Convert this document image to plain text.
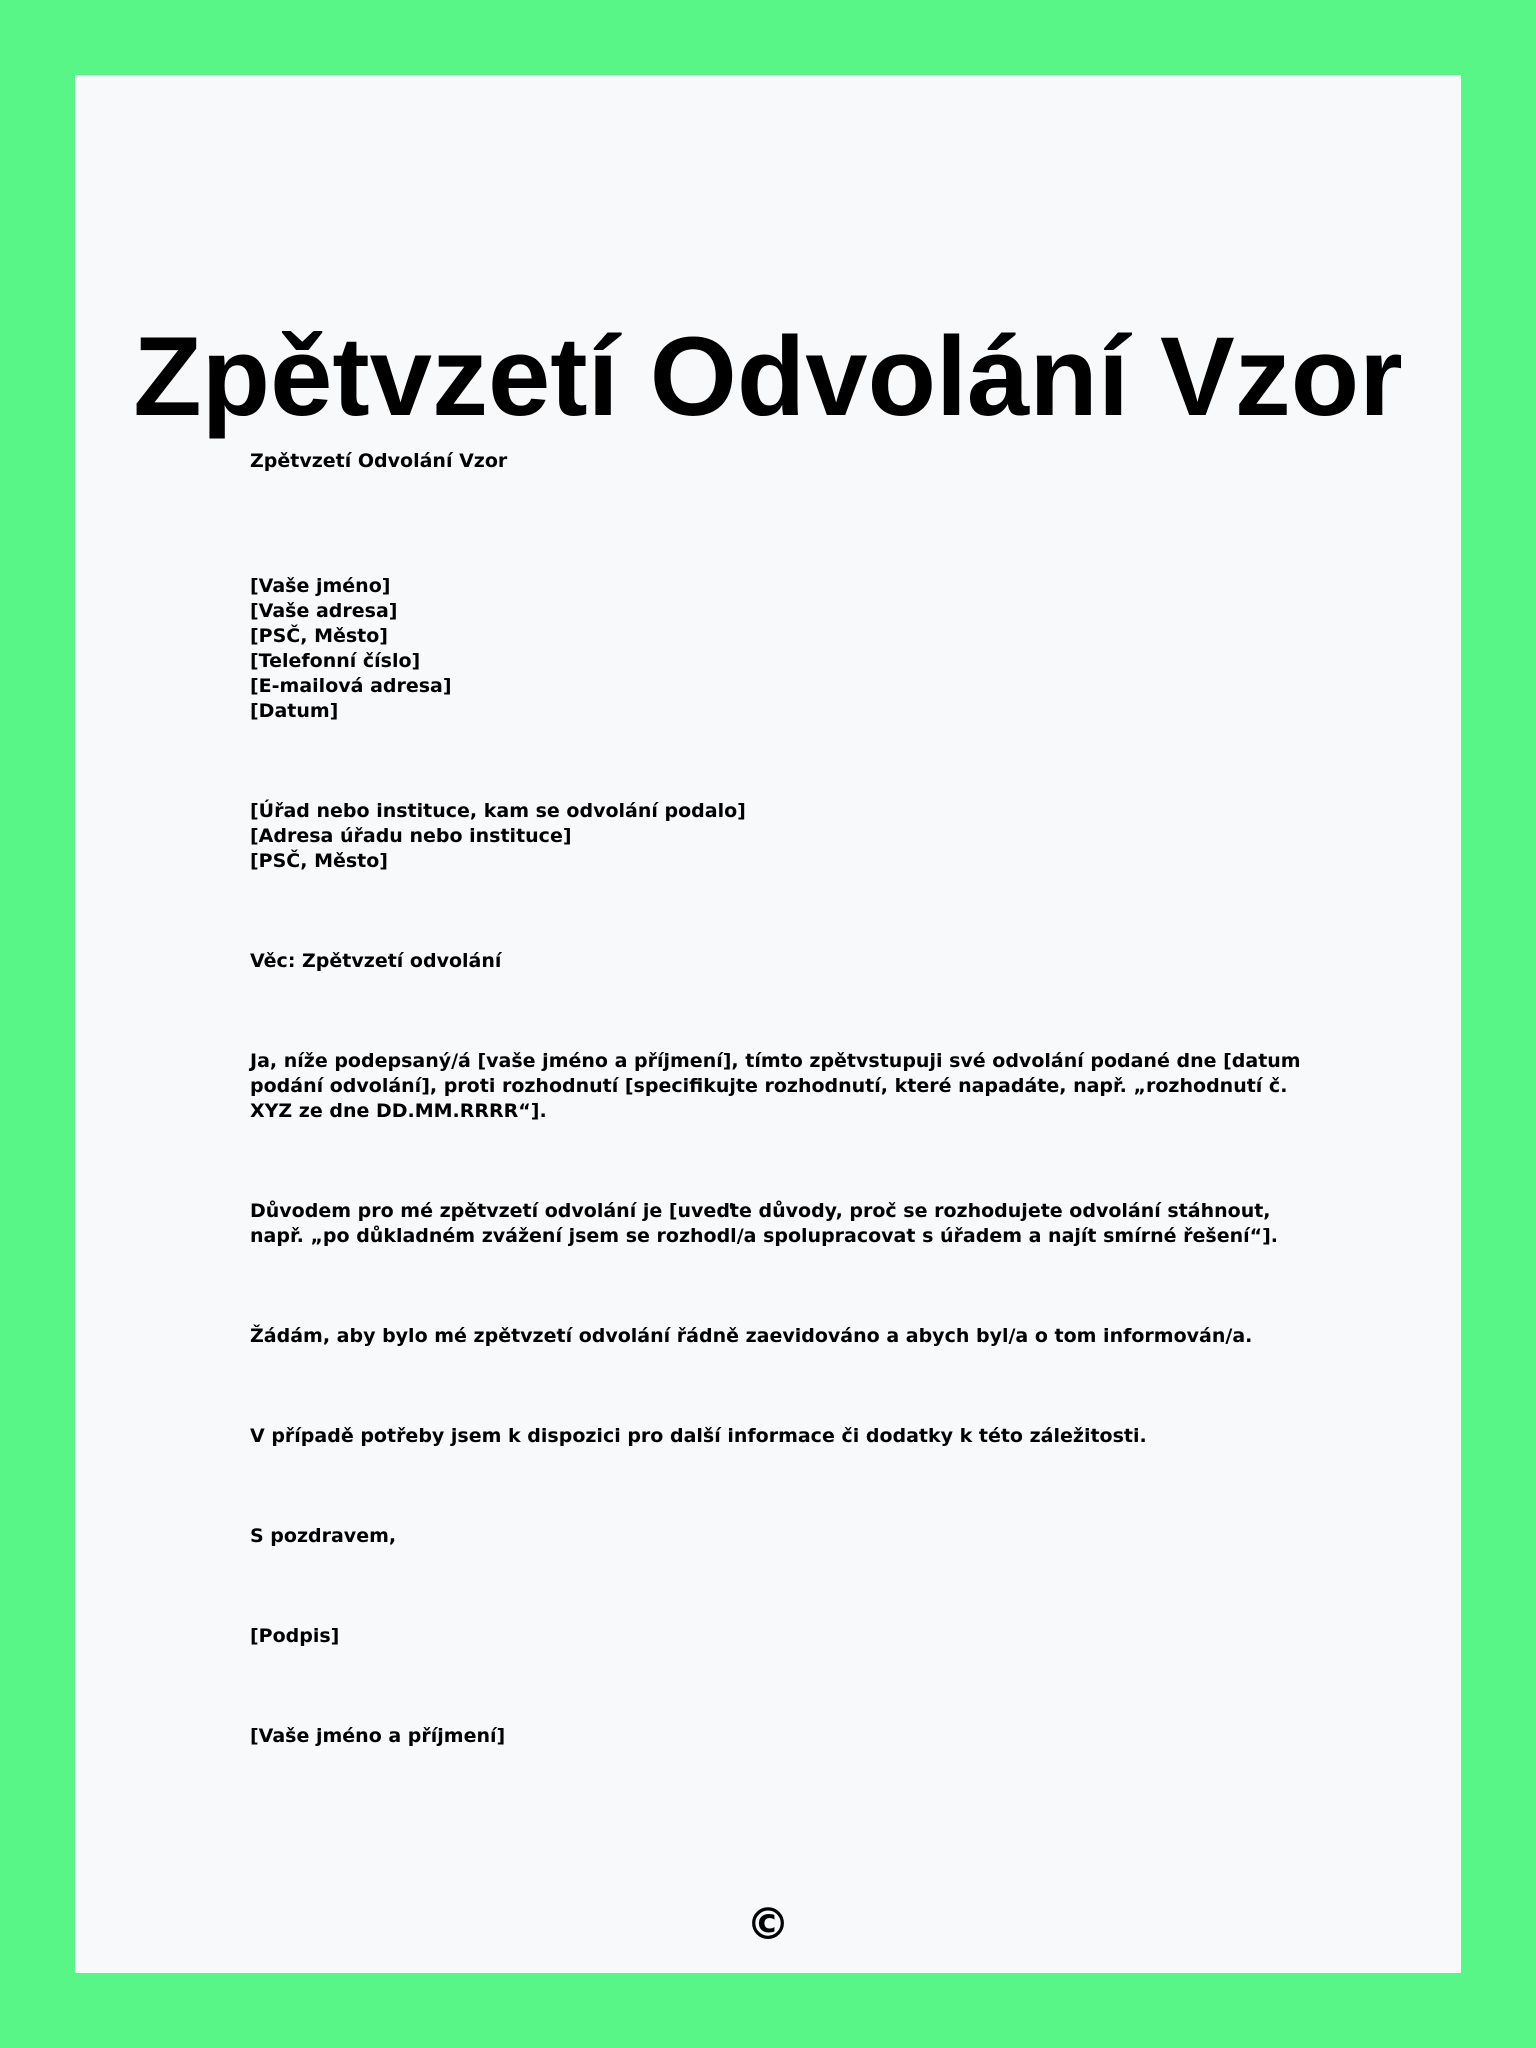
Zpětvzetí Odvolání Vzor

Zpětvzetí Odvolání Vzor

[Vaše jméno]
[Vaše adresa]
[PSČ, Město]
[Telefonní číslo]
[E-mailová adresa]
[Datum]
[Úřad nebo instituce, kam se odvolání podalo]
[Adresa úřadu nebo instituce]
[PSČ, Město]

Věc: Zpětvzetí odvolání

Ja, níže podepsaný/á [vaše jméno a příjmení], tímto zpětvstupuji své odvolání podané dne [datum podání odvolání], proti rozhodnutí [specifikujte rozhodnutí, které napadáte, např. „rozhodnutí č. XYZ ze dne DD.MM.RRRR“].

Důvodem pro mé zpětvzetí odvolání je [uveďte důvody, proč se rozhodujete odvolání stáhnout, např. „po důkladném zvážení jsem se rozhodl/a spolupracovat s úřadem a najít smírné řešení“].

Žádám, aby bylo mé zpětvzetí odvolání řádně zaevidováno a abych byl/a o tom informován/a.

V případě potřeby jsem k dispozici pro další informace či dodatky k této záležitosti.

S pozdravem,

[Podpis]

[Vaše jméno a příjmení]

©
